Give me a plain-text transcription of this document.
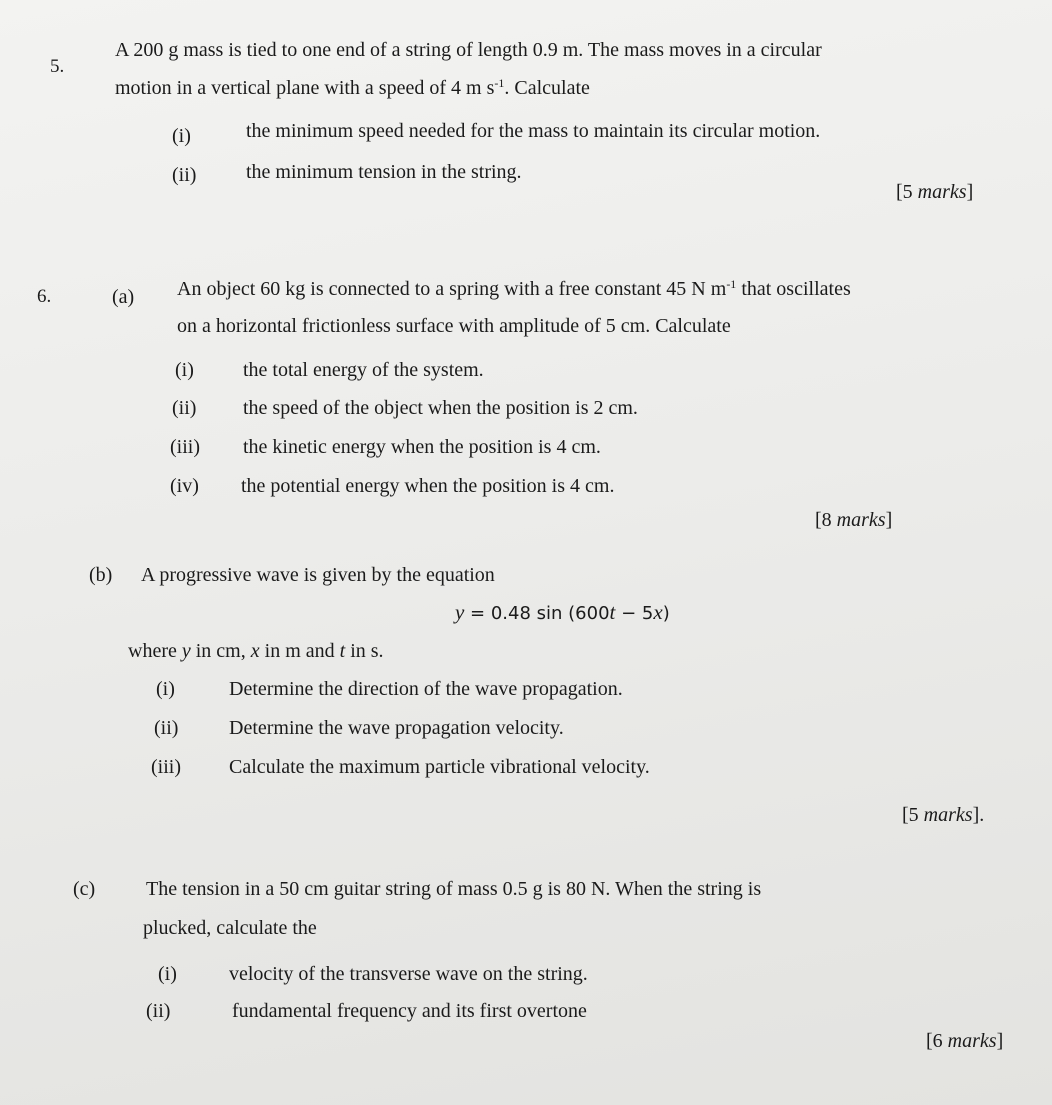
5.
A 200 g mass is tied to one end of a string of length 0.9 m. The mass moves in a circular
motion in a vertical plane with a speed of 4 m $s^{-1}$. Calculate
(i)	the minimum speed needed for the mass to maintain its circular motion.
(ii) the minimum tension in the string.
[5 marks]
6.	(a) An object 60 kg is connected to a spring with a free constant 45 N $m^{-1}$ that oscillates
on a horizontal frictionless surface with amplitude of 5 cm. Calculate
(i) the total energy of the system.
(ii) the speed of the object when the position is 2 cm.
(iii) the kinetic energy when the position is 4 cm.
(iv) the potential energy when the position is 4 cm.
[8 marks]
(b) A progressive wave is given by the equation
y = 0.48 sin (600t − 5x)
where y in cm, x in m and t in s.
(i)	Determine the direction of the wave propagation.
(ii)	Determine the wave propagation velocity.
(iii) Calculate the maximum particle vibrational velocity.
[5 marks].
(c)	The tension in a 50 cm guitar string of mass 0.5 g is 80 N. When the string is
plucked, calculate the
(i)	velocity of the transverse wave on the string.
(ii)	fundamental frequency and its first overtone
[6 marks]
